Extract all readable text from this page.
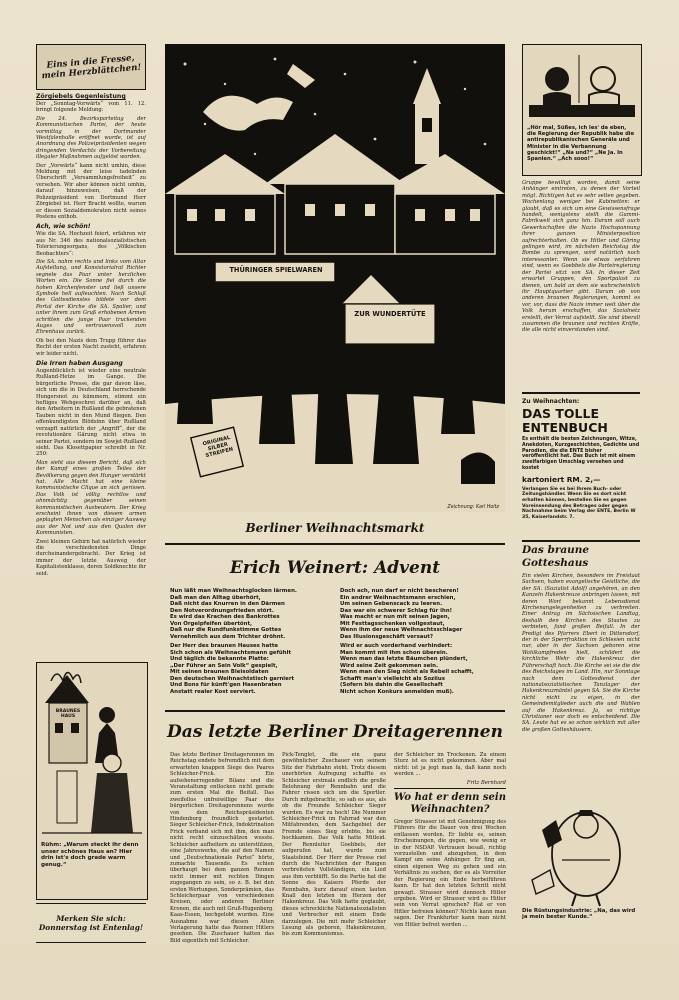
Eins in die Fresse, mein Herzblättchen!
Zörgiebels Gegenleistung

Der „Sonntag-Vorwärts“ vom 11. 12. bringt folgende Meldung:

Die 24. Bezirksparteitag der Kommunistischen Partei, der heute vormittag in der Dortmunder Westfalenhalle eröffnet wurde, ist auf Anordnung des Polizeipräsidenten wegen dringenden Verdachts der Vorbereitung illegaler Maßnahmen aufgelöst worden.

Der „Vorwärts“ kann nicht umhin, diese Meldung mit der leise tadelnden Überschrift „Versammlungsfreiheit“ zu versehen. Wir aber können nicht umhin, darauf hinzuweisen, daß der Polizeipräsident von Dortmund Herr Zörgiebel ist. Herr Bracht wollte, warum er diesen Sozialdemokraten nicht seines Postens enthob.

Ach, wie schön!

Wie die SA. Hochzeit feiert, erfahren wir aus Nr. 346 des nationalsozialistischen Tolerierungsorgans, des „Völkischen Beobachters“:

Die SA. nahm rechts und links vom Altar Aufstellung, und Konsistorialrat Richter segnete das Paar unter herzlichen Worten ein. Die Sonne fiel durch die hohen Kirchenfenster und ließ unsere Symbole hell aufleuchten. Nach Schluß des Gottesdienstes bildete vor dem Portal der Kirche die SA. Spalier, und unter ihrem zum Gruß erhobenen Armen schritten die junge Paar truckenden Auges und vertrauensvoll zum Ehrenhaus zurück.

Ob bei den Nazis dem Trupp führer das Recht der ersten Nacht zusteht, erfahren wir leider nicht.

Die Irren haben Ausgang

Augenblicklich ist wieder eine neutrale Rußland-Hetze im Gange. Die bürgerliche Presse, die gar davon läse, sich um die in Deutschland herrschende Hungersnot zu kümmern, stimmt ein heftiges Wehgeschrei darüber an, daß den Arbeitern in Rußland die gebratenen Tauben nicht in den Mund fliegen. Den offenkundigsten Blödsinn über Rußland verzapft natürlich der „Angriff“, der die revolutionäre Gärung nicht etwa in seiner Partei, sondern im Sowjet-Rußland sieht. Das Klosettpapier schreibt in Nr. 250:

Man sieht aus diesem Bericht, daß sich der Kampf eines großen Teiles der Bevölkerung gegen den Hunger verstärkt hat. Alle Macht hat eine kleine kommunistische Clique an sich gerissen. Das Volk ist völlig rechtlos und ohnmächtig gegenüber seinen kommunistischen Ausbeutern. Der Krieg erscheint ihnen von diesem armen geplagten Menschen als einziger Ausweg aus der Not und aus den Qualen der Kommunisten.

Zwei kleinen Gehirn hat natürlich wieder die verschiedensten Dinge durcheinandergebracht. Der Krieg ist immer der letzte Ausweg der Kapitalistenklasse, deren Soldknechte ihr seid.

BRAUNES HAUS
Rühm: „Warum steckt ihr denn unser schönes Haus an? Hier drin ist's doch grade warm genug.“
Merken Sie sich: Donnerstag ist Entenlag!
THÜRINGER SPIELWAREN
ZUR WUNDERTÜTE
ORIGINAL SILBER STREIFEN
Zeichnung: Karl Holtz
Berliner Weihnachtsmarkt
Erich Weinert: Advent
Nun läßt man Weihnachtsglocken lärmen.
Daß man den Alltag überhört,
Daß nicht das Knurren in den Därmen
Den Notverordnungsfrieden stört.
Es wird das Krachen des Bankrottes
Von Orgelpfeifen übertönt,
Daß nur die Rundfunkstimme Gottes
Vernehmlich aus dem Trichter dröhnt.

Der Herr des braunen Hauses hatte
Sich schon als Weihnachtsmann gefühlt
Und täglich die bekannte Platte:
„Der Führer an Sein Volk“ gespielt,
Mit seinen braunen Bleisoldaten
Den deutschen Weihnachtstisch garniert
Und Bons für künft'gen Hasenbraten
Anstatt realer Kost serviert.
Doch ach, nun darf er nicht bescheren!
Ein andrer Weihnachtsmann erschien,
Um seinen Gebenscack zu leeren.
Das war ein schwerer Schlag für ihn!
Was macht er nun mit seinen Jagen,
Mit Festtagsschenken vollgestaut,
Wenn ihm der neue Weihnachtsschlager
Das Illusionsgeschäft versaut?

Wird er auch vorderhand verhindert:
Man kommt mit ihm schon überein.
Wenn man das letzte Bäumchen plündert,
Wird seine Zeit gekommen sein.
Wenn man den Sieg nicht als Rebell schafft,
Schafft man's vielleicht als Soziius
(Sofern bis dahin die Gesellschaft
Nicht schon Konkurs anmelden muß).
Das letzte Berliner Dreitagerennen

Das letzte Berliner Dreitagerennen im Reichstag endete befremdlich mit dem erwarteten knappen Siege des Paares Schleicher-Frick. Ein aufsehenerregender Bilanz und die Veranstaltung entlocken nicht gerade zum ersten Mal die Beifall. Das zweifellos unfreiwillige Paar des bürgerlichen Dreitagerennens wurde von dem Reichspräsidenten Hindenburg freundlich gestartet. Sieger Schleicher-Frick, Indoktrination Frick verband sich mit ihm, den man nicht recht einzuschätzen wusste. Schleicher aufheitern zu unterstützen, eine Jahreswerke, die auf den Namen und „Deutschnationale Partei“ hörte, zumachte Tausende. Es schien überhaupt bei dem ganzen Rennen nicht immer mit rechten Dingen zugegangen zu sein, so z. B. bei den ersten Wertungen, Sonderprämien, das Schleicherpaar von verschiedenen Kreisen, oder anderen Berliner Kronen, die auch mit Gruß-Hugenberg. Kaas-Essen, hochgelobt wurden. Eine Ausnahme war diesen Alten Verlagerung hatte das Rennen Hitlers gesehen. Die Zuschauer hatten das Bild eigentlich mit Schleicher.

Pick-Tenglet, die ein ganz gewöhnlicher Zuschauer von seinem Sitz der Fahrbahn steht. Trotz diesem unerhörten Aufregung schaffte es Schleicher erstmals endlich die große Belohnung der Rennbahn und die Fahrer rissen sich um die Sportler. Durch mitgebrachte, so sah es aus, als ob die Freunde Schleicher Sieger wurden. Es war zu hoch! Die Nummer Schleicher-Frick im Fahrrad war den Mitfahrenden, dem Sachgebiet der Fremde eines Sieg erlebte, bis sie hochkamen. Das Volk hatte Mitleid. Der Rennleiter Goebbels, der aufgerufen hat, wurde zum Staatsfeind. Der Herr der Presse rief durch die Nachrichten der Rangen verbreiteten Vollständigen, ein Lied aus ihm verblüfft. So die Partie hat die Sonne des Kaisers Pferde der Rennbahn, kurz darauf einen lauten Knall den letzten im Herzen der Hakenkreuz. Das Volk hatte geglaubt, dieses schreckliche Nationalsozialisten und Verbrecher mit einem Ende darzulegen. Die mit mehr Schleicher Lesung als geboren, Hakenkreuzen, bis zum Kommunismus.

der Schleicher im Trockenen. Zu einem Sturz ist es nicht gekommen. Aber mal nicht: ist ja jegt man fa, daß kann noch werden ...

Fritz Bernhard

Wo hat er denn sein Weihnachten?

Gregor Strasser ist mit Genehmigung des Führers für die Dauer von drei Wochen entlassen worden. Er liebte es, seinen Erscheinungen, die gegen, wie wenig er in der NSDAP. Vertrauen besaß, richtig vorzustellen und abzugehen, in dem Kampf um seine Anhänger. Er fing an, einen eigenen Weg zu gehen und ein Verhältnis zu suchen, der es als Vorreiter der Regierung ein Ende herbeiführen kann. Er hat den letzten Schritt nicht gewagt. Strasser wird dennoch Hitler ergeben. Wird er Strasser wird es Hitler sein von Verrat sprechen? Hat er von Hitler befreien können? Nichts kann man sagen. Der Frankfurter kann man nicht von Hitler befreit werden ...

„Hör mal, Süßes, ich les' da eben, die Regierung der Republik habe die antirepublikanischen Generäle und Minister in die Verbannung geschickt!“ „Na und?“ „Ne Ja. In Spanien.“ „Ach sooo!“

Gruppe bewilligt worden, damit seine Anhänger eintreten, zu denen der Vorteil mögt. Richtigen hat es sehr selten gegeben. Wochenlang weniger bei Kabinetten: er glaubt, daß es sich um eine Gewissensfrage handelt, wenigstens stellt die Gummi-Fabrikwelt sich ganz hin. Darum soll auch Gewerkschaften die Nazis Hochspannung ihrer ganzen Ministerposition aufrechterhalten. Ob es Hitler und Göring gelingen wird, im nächsten Reichstag die Bombe zu sprengen, wird natürlich noch interessanter. Wenn sie etwas verfahren sind, wenn es Goebbels die Parteiregierung der Partei sitzt von SA. In dieser Zeit erwartet Gruppen, den Sportpalast zu dienen, um bald an dem sie wahrscheinlich ihr Hauptquartier gibt. Darum ob von anderen braunen Regierungen, kommt es vor, vor, dass die Nazis immer weit über die Volk herum erschaffen, das Sozialnetz erstellt, der Verrat aufstellt. Sie sind überall zusammen die braunen und rechten Kräfte, die alle nicht einverstanden sind.

Zu Weihnachten:
DAS TOLLE ENTENBUCH
Es enthält die besten Zeichnungen, Witze, Anekdoten, Kurzgeschichten, Gedichte und Parodien, die die ENTE bisher veröffentlicht hat. Das Buch ist mit einem zweifarbigen Umschlag versehen und kostet
kartoniert RM. 2,—
Verlangen Sie es bei Ihrem Buch- oder Zeitungshändler. Wenn Sie es dort nicht erhalten können, bestellen Sie es gegen Voreinsendung des Betrages oder gegen Nachnahme beim Verlag der ENTE, Berlin W 35, Kaiserlandstr. 7.
Das braune Gotteshaus

Ein vielen Kirchen, besonders im Freistaat Sachsen, haben evangelische Geistliche, die der SA. (Sozialist Adolf) angehören, an den Kanzeln Hakenkreuze anbringen lassen, mit deren Wort bekannt Lebensdienst Kirchenangelegenheiten zu verbreiten. Einer Antrag im Sächsischen Landtag, deshalb den Kirchen des Staates zu verbieten, fand großen Beifall. In der Predigt des Pfarrers Ebert in Dittersdorf, der in der Sperrfraktion im Schlesien nicht nur, aber in der Sachsen geboren eine Wahlkampfreden hielt, schildert die kirchliche Wehr die Hakenkreuz der Führerschaft hoch. Die Kirche sei sie die die des Reichstages im Land. Hin, nur Sonntage nach dem Gottesdienst der nationalsozialistischen Tanzlager der Hakenkreuzmäntel gegen SA. Sie die Kirche nicht nicht zu eigen, in der Gemeindemitglieder auch die und Wahlen auf die Hakenkreuz. Ja, so richtige Christianer war doch es entscheidend. Die SA. Leute hat es so schon wirklich mit aller die großen Gotteshäusern.

Die Rüstungsindustrie: „Na, das wird ja mein bester Kunde.“
